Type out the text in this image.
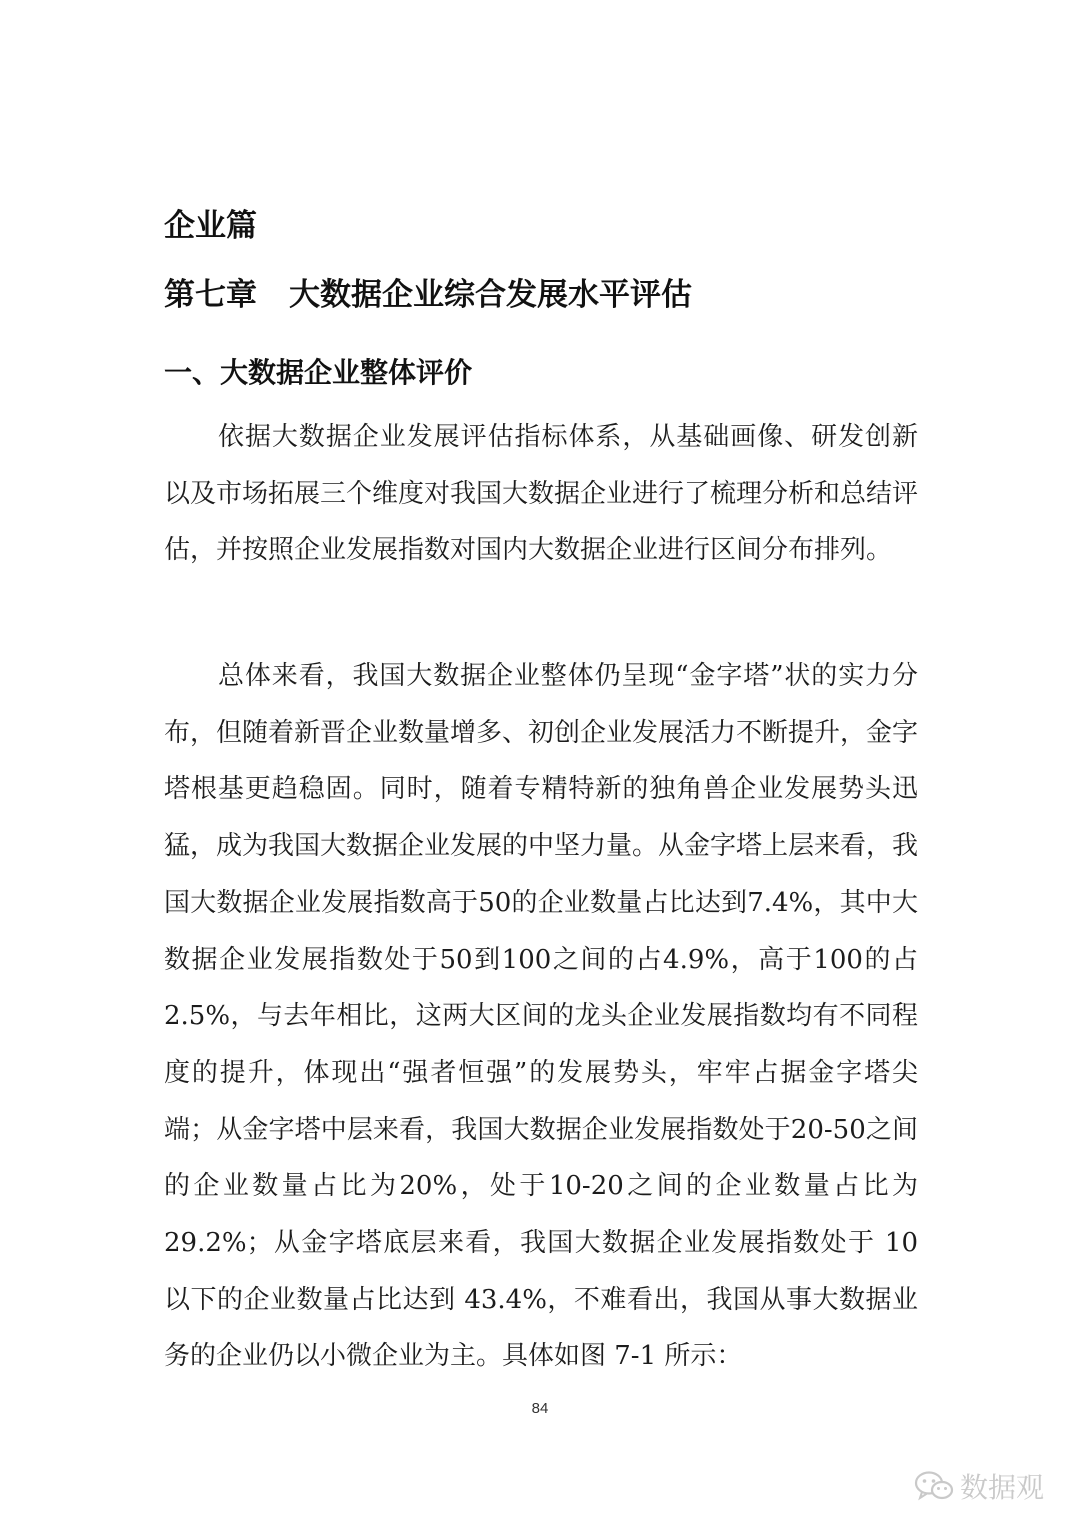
企业篇
第七章 大数据企业综合发展水平评估
一、大数据企业整体评价

依据大数据企业发展评估指标体系，从基础画像、研发创新以及市场拓展三个维度对我国大数据企业进行了梳理分析和总结评估，并按照企业发展指数对国内大数据企业进行区间分布排列。

总体来看，我国大数据企业整体仍呈现“金字塔”状的实力分布，但随着新晋企业数量增多、初创企业发展活力不断提升，金字塔根基更趋稳固。同时，随着专精特新的独角兽企业发展势头迅猛，成为我国大数据企业发展的中坚力量。从金字塔上层来看，我国大数据企业发展指数高于50的企业数量占比达到7.4%，其中大数据企业发展指数处于50到100之间的占4.9%，高于100的占 2.5%，与去年相比，这两大区间的龙头企业发展指数均有不同程度的提升，体现出“强者恒强”的发展势头，牢牢占据金字塔尖端；从金字塔中层来看，我国大数据企业发展指数处于20-50之间的企业数量占比为20%，处于10-20之间的企业数量占比为29.2%；从金字塔底层来看，我国大数据企业发展指数处于 10 以下的企业数量占比达到 43.4%，不难看出，我国从事大数据业务的企业仍以小微企业为主。具体如图 7-1 所示：

84
数据观
